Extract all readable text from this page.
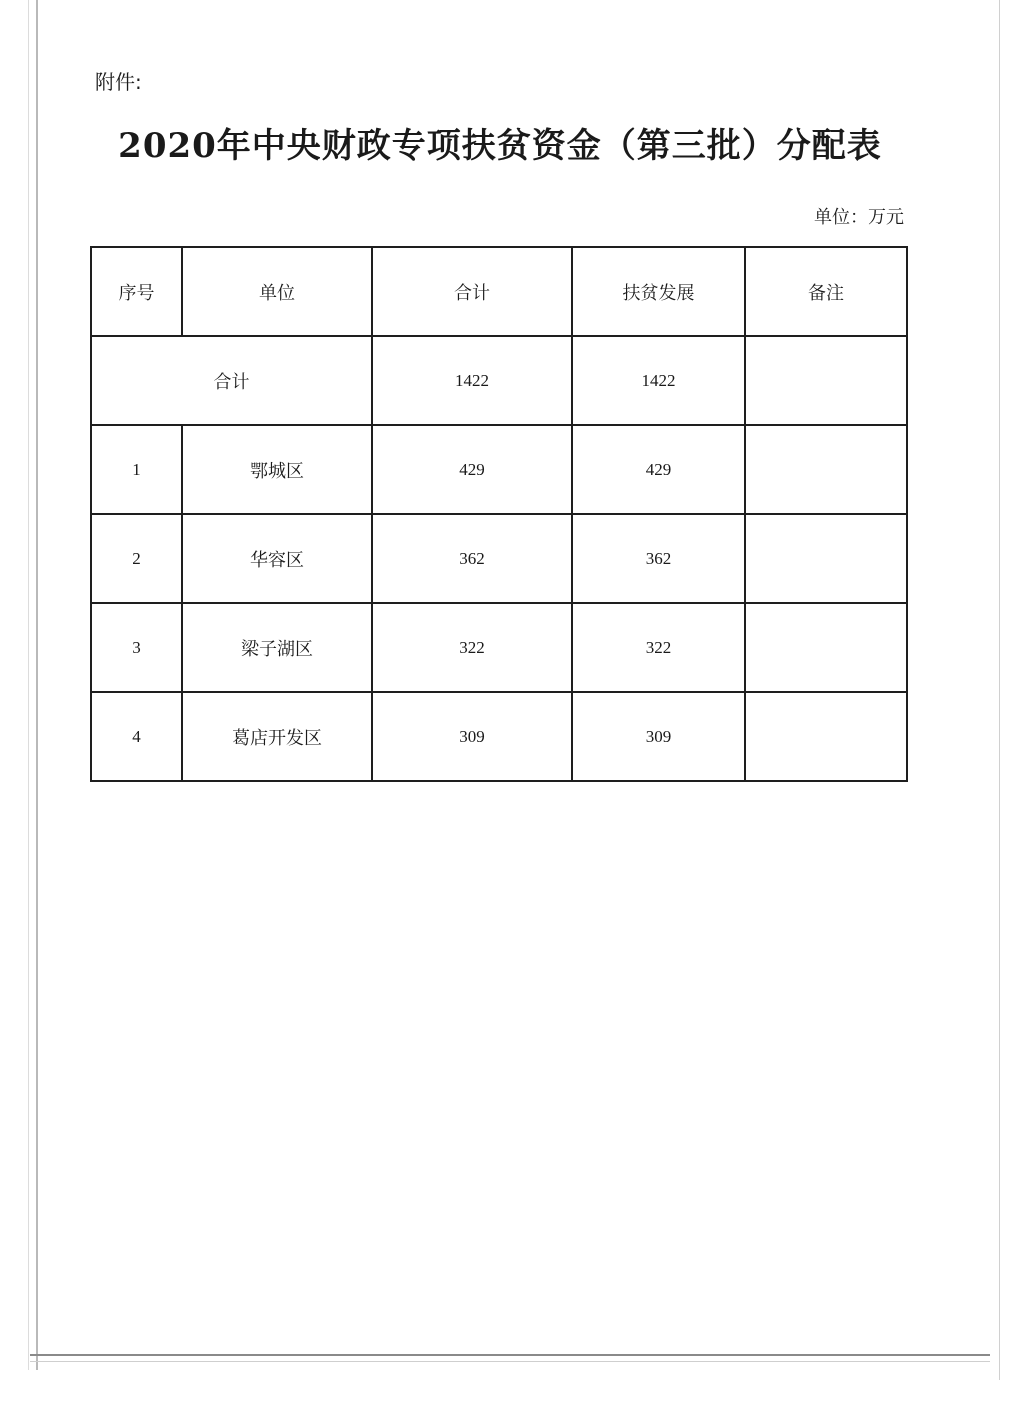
附件:
2020年中央财政专项扶贫资金（第三批）分配表
单位：万元
序号	单位	合计	扶贫发展	备注
合计		1422	1422	
1	鄂城区	429	429	
2	华容区	362	362	
3	梁子湖区	322	322	
4	葛店开发区	309	309	
